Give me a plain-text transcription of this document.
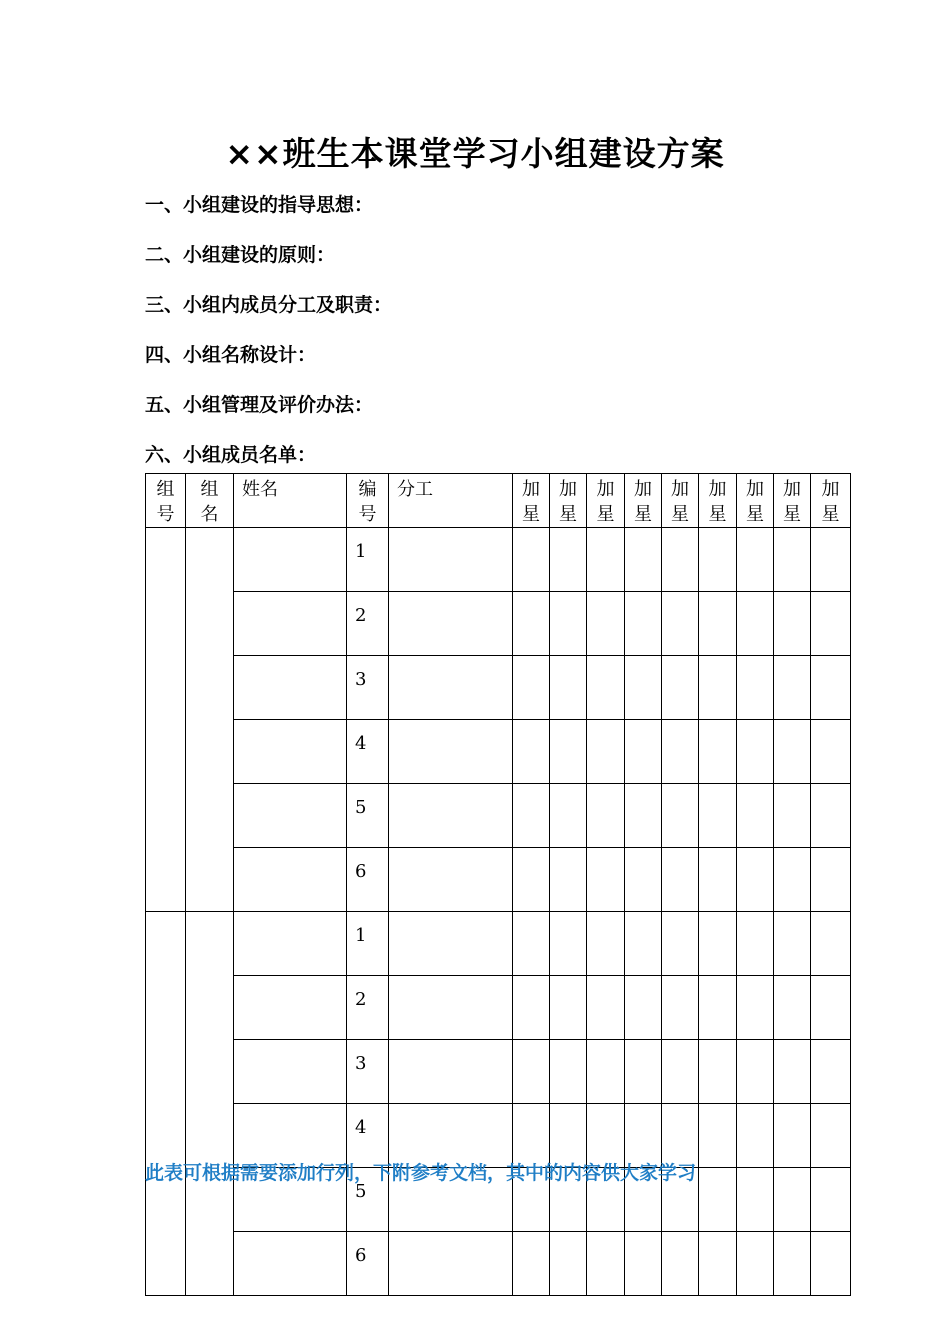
××班生本课堂学习小组建设方案
一、小组建设的指导思想：
二、小组建设的原则：
三、小组内成员分工及职责：
四、小组名称设计：
五、小组管理及评价办法：
六、小组成员名单：
组号	组名	姓名	编号	分工	加星	加星	加星	加星	加星	加星	加星	加星	加星
			1										
			2										
			3										
			4										
			5										
			6										
			1										
			2										
			3										
			4										
			5										
			6										
此表可根据需要添加行列，下附参考文档，其中的内容供大家学习
